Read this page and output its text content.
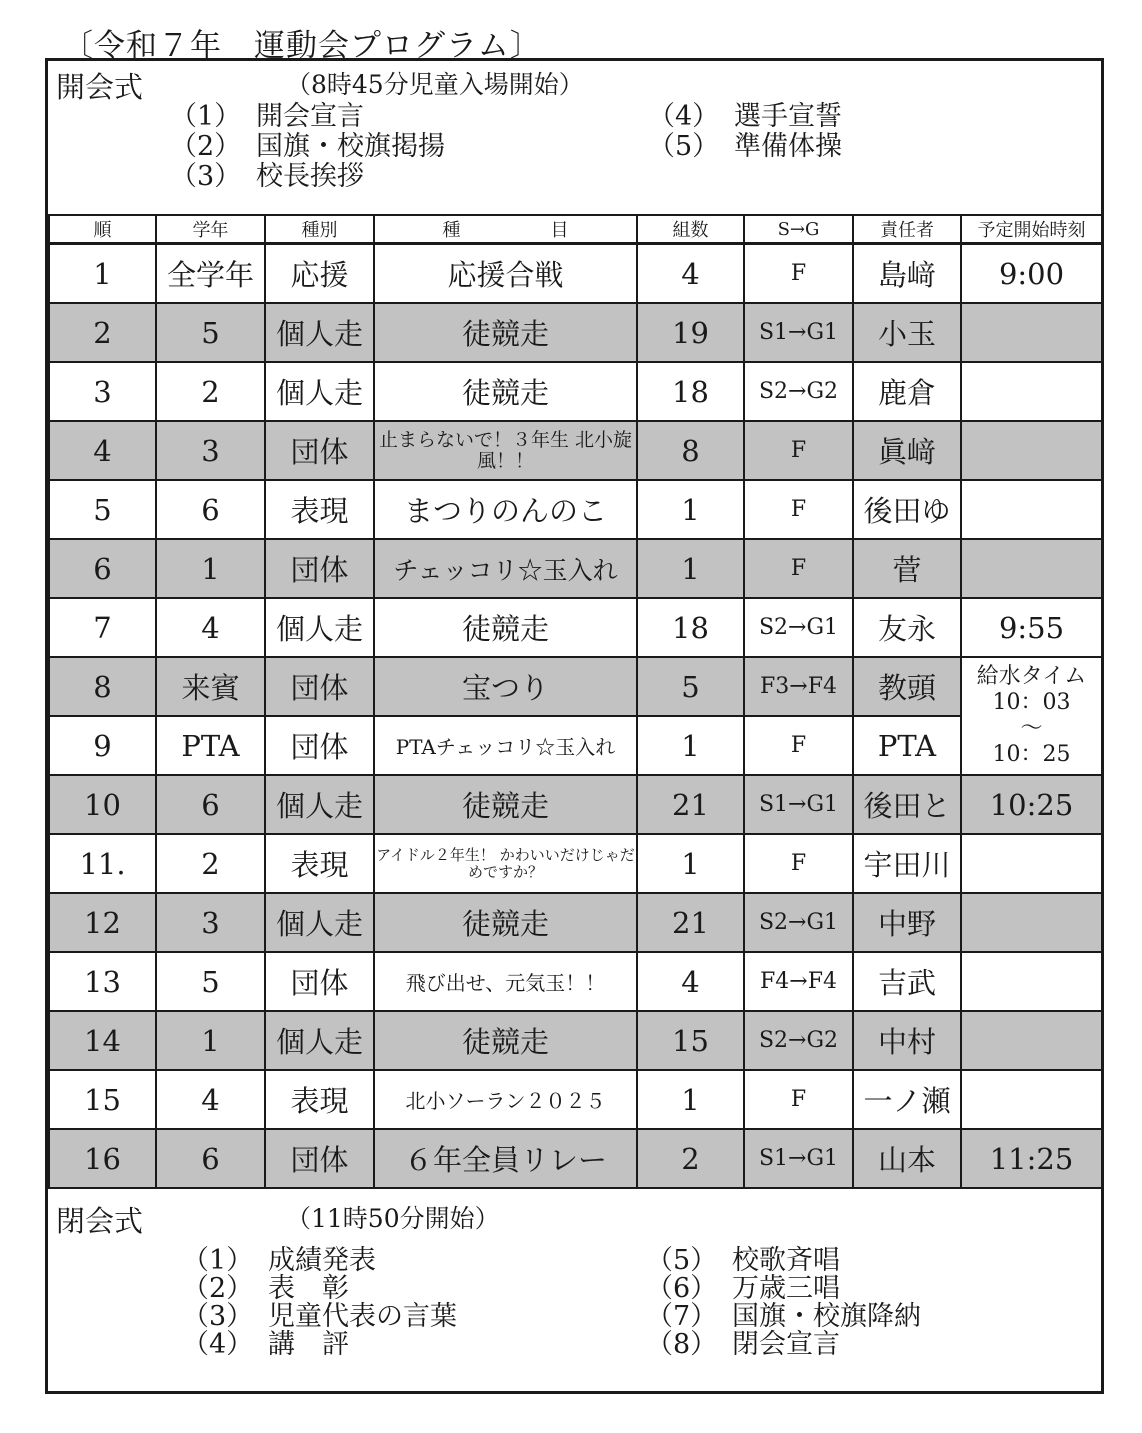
〔令和７年　運動会プログラム〕
開会式	（8時45分児童入場開始）
（1） 開会宣言
（2） 国旗・校旗掲揚
（3） 校長挨拶
（4） 選手宣誓
（5） 準備体操
順	学年	種別	種　　　　　目	組数	S→G	責任者	予定開始時刻
1	全学年	応援	応援合戦	4	F	島﨑	9:00
2	5	個人走	徒競走	19	S1→G1	小玉	
3	2	個人走	徒競走	18	S2→G2	鹿倉	
4	3	団体	止まらないで！３年生 北小旋風！！	8	F	眞﨑	
5	6	表現	まつりのんのこ	1	F	後田ゆ	
6	1	団体	チェッコリ☆玉入れ	1	F	菅	
7	4	個人走	徒競走	18	S2→G1	友永	9:55
8	来賓	団体	宝つり	5	F3→F4	教頭	給水タイム
10：03
～
10：25

9	PTA	団体	PTAチェッコリ☆玉入れ	1	F	PTA	
10	6	個人走	徒競走	21	S1→G1	後田と	10:25
11.	2	表現	アイドル２年生！ かわいいだけじゃだめですか？	1	F	宇田川	
12	3	個人走	徒競走	21	S2→G1	中野	
13	5	団体	飛び出せ、元気玉！！	4	F4→F4	吉武	
14	1	個人走	徒競走	15	S2→G2	中村	
15	4	表現	北小ソーラン２０２５	1	F	一ノ瀬	
16	6	団体	６年全員リレー	2	S1→G1	山本	11:25
閉会式	（11時50分開始）
（1） 成績発表
（2） 表　彰
（3） 児童代表の言葉
（4） 講　評
（5） 校歌斉唱
（6） 万歳三唱
（7） 国旗・校旗降納
（8） 閉会宣言
